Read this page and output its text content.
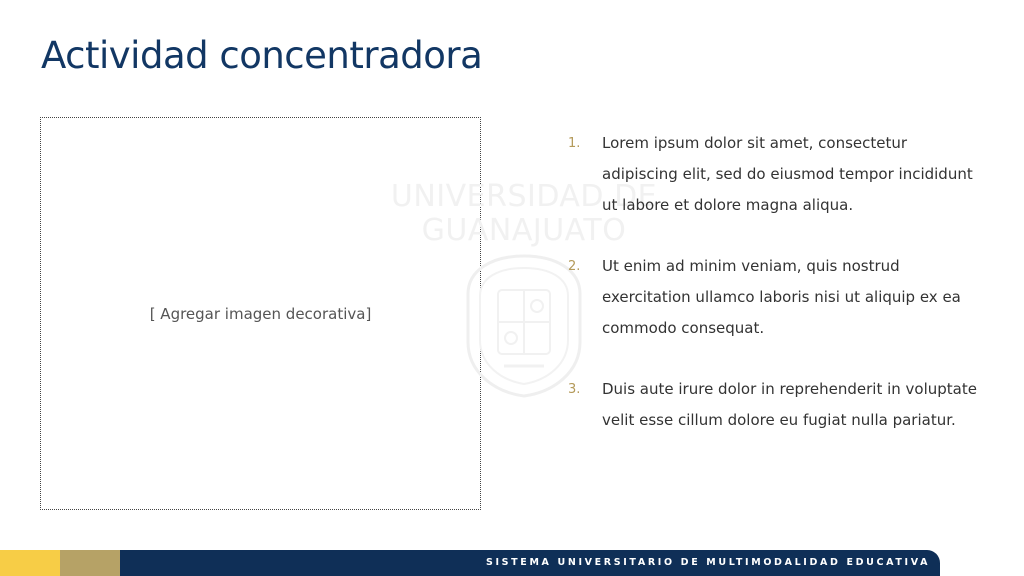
Actividad concentradora
[ Agregar imagen decorativa]
UNIVERSIDAD DE
GUANAJUATO
1. Lorem ipsum dolor sit amet, consectetur adipiscing elit, sed do eiusmod tempor incididunt ut labore et dolore magna aliqua.
2. Ut enim ad minim veniam, quis nostrud exercitation ullamco laboris nisi ut aliquip ex ea commodo consequat.
3. Duis aute irure dolor in reprehenderit in voluptate velit esse cillum dolore eu fugiat nulla pariatur.
SISTEMA UNIVERSITARIO DE MULTIMODALIDAD EDUCATIVA
